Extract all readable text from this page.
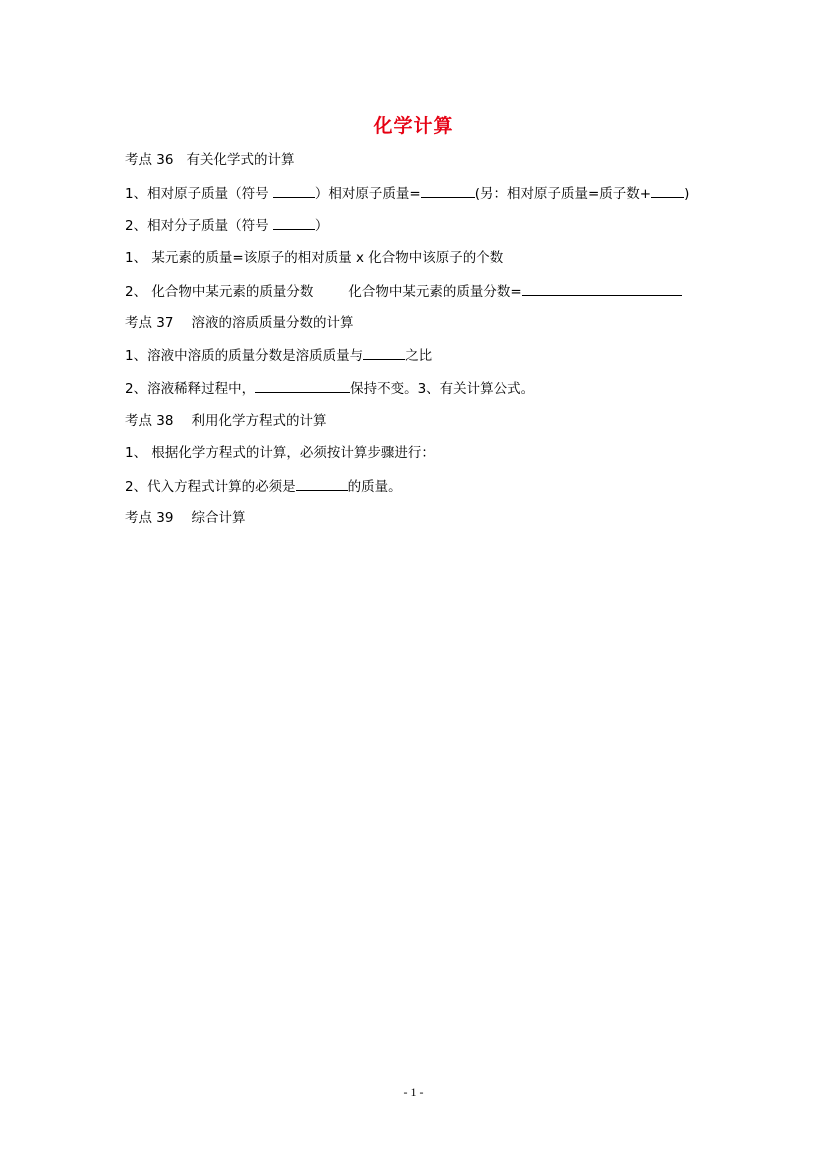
化学计算
考点 36 有关化学式的计算
1、相对原子质量（符号	）相对原子质量=	(另：相对原子质量=质子数+ )
2、相对分子质量（符号	）
1、 某元素的质量=该原子的相对质量 x 化合物中该原子的个数
2、 化合物中某元素的质量分数	化合物中某元素的质量分数=
考点 37 溶液的溶质质量分数的计算
1、溶液中溶质的质量分数是溶质质量与	之比
2、溶液稀释过程中，	保持不变。3、有关计算公式。
考点 38 利用化学方程式的计算
1、 根据化学方程式的计算，必须按计算步骤进行：
2、代入方程式计算的必须是	的质量。
考点 39 综合计算
- 1 -
